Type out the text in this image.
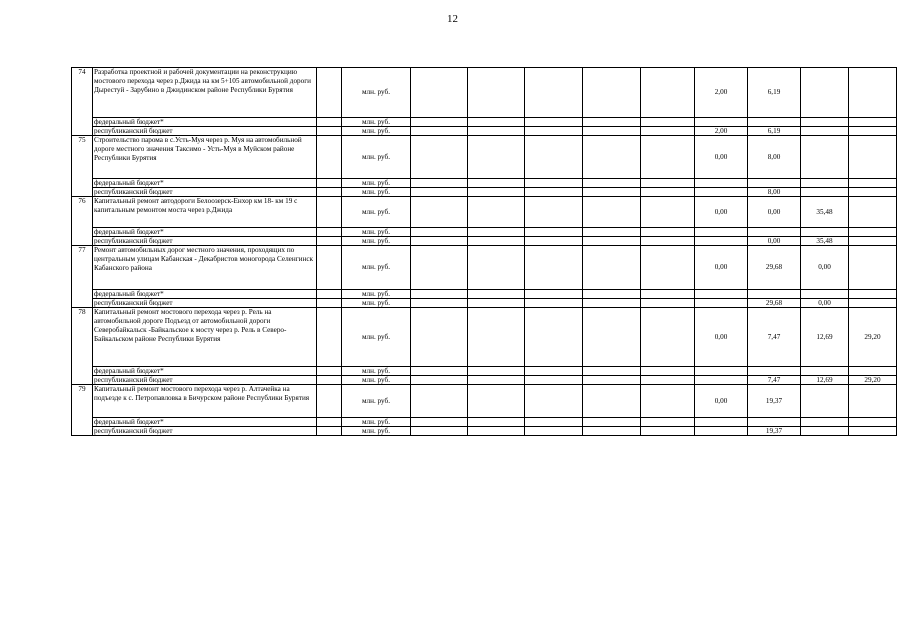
12
74	Разработка проектной и рабочей документации на реконструкцию мостового перехода через р.Джида на км 5+105 автомобильной дороги Дырестуй - Зарубино в Джидинском районе Республики Бурятия		млн. руб.						2,00	6,19		
	федеральный бюджет*		млн. руб.									
	республиканский бюджет		млн. руб.						2,00	6,19		
75	Строительство парома в с.Усть-Муя через р. Муя на автомобильной дороге местного значения Таксимо - Усть-Муя в Муйском районе Республики Бурятия		млн. руб.						0,00	8,00		
	федеральный бюджет*		млн. руб.									
	республиканский бюджет		млн. руб.							8,00		
76	Капитальный ремонт автодороги Белоозерск-Енхор км 18- км 19 с капитальным ремонтом моста через р.Джида		млн. руб.						0,00	0,00	35,48	
	федеральный бюджет*		млн. руб.									
	республиканский бюджет		млн. руб.							0,00	35,48	
77	Ремонт автомобильных дорог местного значения, проходящих по центральным улицам Кабанская - Декабристов моногорода Селенгинск Кабанского района		млн. руб.						0,00	29,68	0,00	
	федеральный бюджет*		млн. руб.									
	республиканский бюджет		млн. руб.							29,68	0,00	
78	Капитальный ремонт мостового перехода через р. Рель на автомобильной дороге Подъезд от автомобильной дороги Северобайкальск -Байкальское к мосту через р. Рель в Северо-Байкальском районе Республики Бурятия		млн. руб.						0,00	7,47	12,69	29,20
	федеральный бюджет*		млн. руб.									
	республиканский бюджет		млн. руб.							7,47	12,69	29,20
79	Капитальный ремонт мостового перехода через р. Алтачейка на подъезде к с. Петропавловка в Бичурском районе Республики Бурятия		млн. руб.						0,00	19,37		
	федеральный бюджет*		млн. руб.									
	республиканский бюджет		млн. руб.							19,37		
